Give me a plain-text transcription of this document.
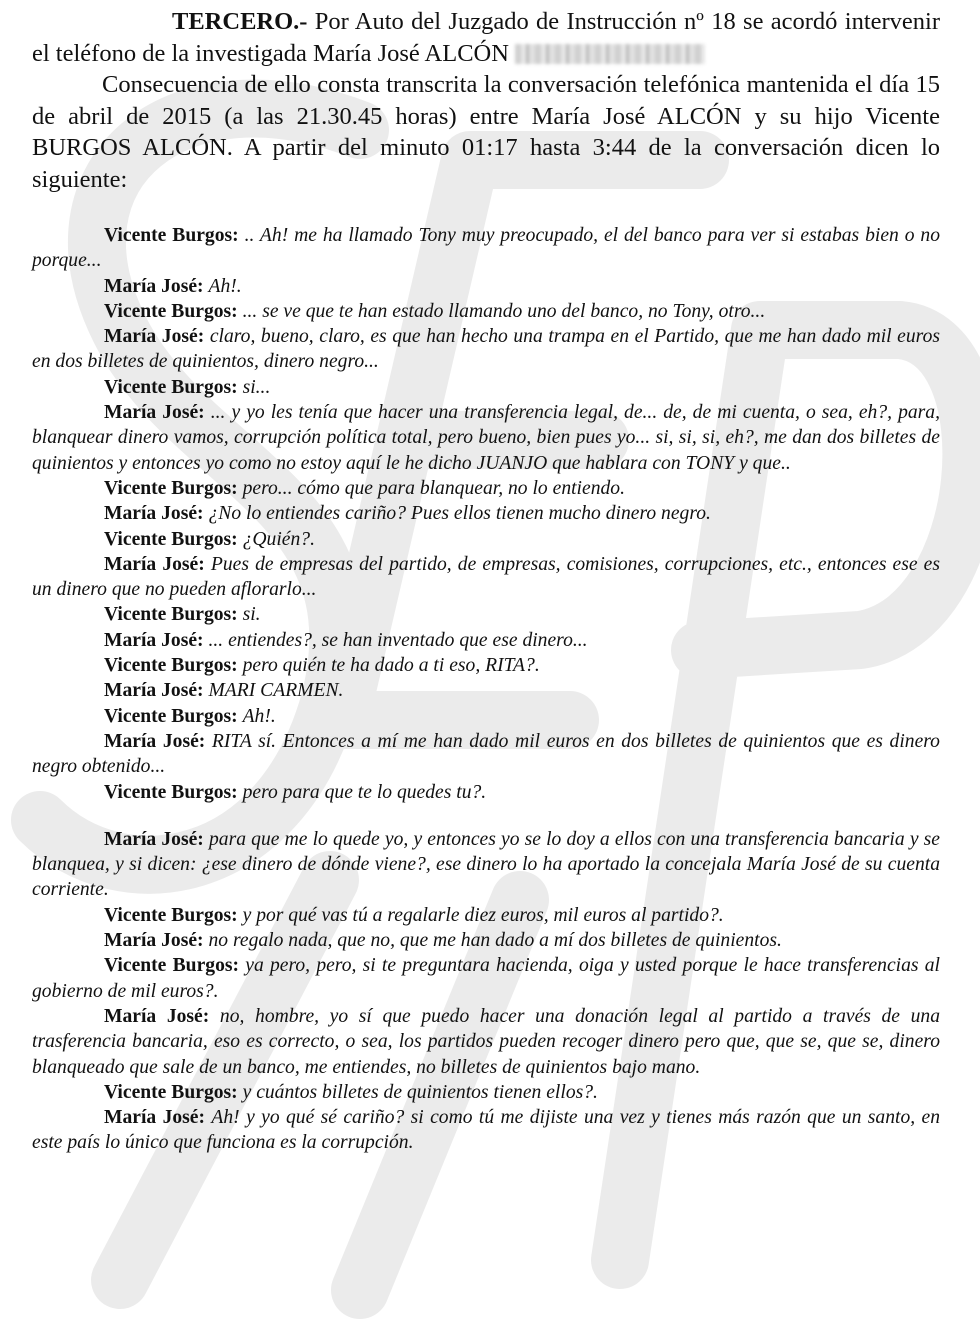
TERCERO.- Por Auto del Juzgado de Instrucción nº 18 se acordó intervenir el teléfono de la investigada María José ALCÓN

Consecuencia de ello consta transcrita la conversación telefónica mantenida el día 15 de abril de 2015 (a las 21.30.45 horas) entre María José ALCÓN y su hijo Vicente BURGOS ALCÓN. A partir del minuto 01:17 hasta 3:44 de la conversación dicen lo siguiente:

Vicente Burgos: .. Ah! me ha llamado Tony muy preocupado, el del banco para ver si estabas bien o no porque...

María José: Ah!.

Vicente Burgos: ... se ve que te han estado llamando uno del banco, no Tony, otro...

María José: claro, bueno, claro, es que han hecho una trampa en el Partido, que me han dado mil euros en dos billetes de quinientos, dinero negro...

Vicente Burgos: si...

María José: ... y yo les tenía que hacer una transferencia legal, de... de, de mi cuenta, o sea, eh?, para, blanquear dinero vamos, corrupción política total, pero bueno, bien pues yo... si, si, si, eh?, me dan dos billetes de quinientos y entonces yo como no estoy aquí le he dicho JUANJO que hablara con TONY y que..

Vicente Burgos: pero... cómo que para blanquear, no lo entiendo.

María José: ¿No lo entiendes cariño? Pues ellos tienen mucho dinero negro.

Vicente Burgos: ¿Quién?.

María José: Pues de empresas del partido, de empresas, comisiones, corrupciones, etc., entonces ese es un dinero que no pueden aflorarlo...

Vicente Burgos: si.

María José: ... entiendes?, se han inventado que ese dinero...

Vicente Burgos: pero quién te ha dado a ti eso, RITA?.

María José: MARI CARMEN.

Vicente Burgos: Ah!.

María José: RITA sí. Entonces a mí me han dado mil euros en dos billetes de quinientos que es dinero negro obtenido...

Vicente Burgos: pero para que te lo quedes tu?.

María José: para que me lo quede yo, y entonces yo se lo doy a ellos con una transferencia bancaria y se blanquea, y si dicen: ¿ese dinero de dónde viene?, ese dinero lo ha aportado la concejala María José de su cuenta corriente.

Vicente Burgos: y por qué vas tú a regalarle diez euros, mil euros al partido?.

María José: no regalo nada, que no, que me han dado a mí dos billetes de quinientos.

Vicente Burgos: ya pero, pero, si te preguntara hacienda, oiga y usted porque le hace transferencias al gobierno de mil euros?.

María José: no, hombre, yo sí que puedo hacer una donación legal al partido a través de una trasferencia bancaria, eso es correcto, o sea, los partidos pueden recoger dinero pero que, que se, que se, dinero blanqueado que sale de un banco, me entiendes, no billetes de quinientos bajo mano.

Vicente Burgos: y cuántos billetes de quinientos tienen ellos?.

María José: Ah! y yo qué sé cariño? si como tú me dijiste una vez y tienes más razón que un santo, en este país lo único que funciona es la corrupción.
